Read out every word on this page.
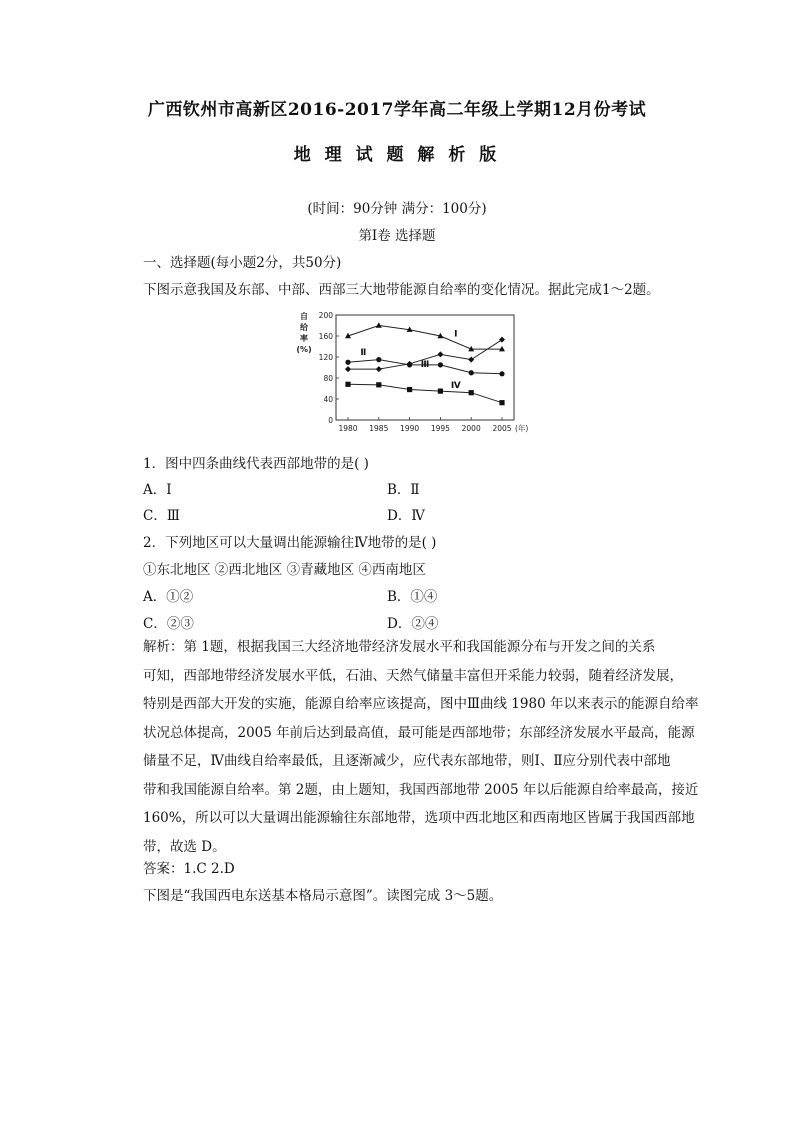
广西钦州市高新区2016-2017学年高二年级上学期12月份考试
地 理 试 题 解 析 版
(时间：90分钟 满分：100分)
第Ⅰ卷 选择题
一、选择题(每小题2分，共50分)
下图示意我国及东部、中部、西部三大地带能源自给率的变化情况。据此完成1～2题。
0
40
80
120
160
200
1980 1985 1990 1995 2000 2005 (年)
自
给
率
(%)
Ⅰ
Ⅱ
Ⅲ
Ⅳ
1．图中四条曲线代表西部地带的是( )
A．Ⅰ	B．Ⅱ
C．Ⅲ	D．Ⅳ
2．下列地区可以大量调出能源输往Ⅳ地带的是( )
①东北地区 ②西北地区 ③青藏地区 ④西南地区
A．①②	B．①④
C．②③	D．②④
解析：第 1题，根据我国三大经济地带经济发展水平和我国能源分布与开发之间的关系
可知，西部地带经济发展水平低，石油、天然气储量丰富但开采能力较弱，随着经济发展，
特别是西部大开发的实施，能源自给率应该提高，图中Ⅲ曲线 1980 年以来表示的能源自给率
状况总体提高，2005 年前后达到最高值，最可能是西部地带；东部经济发展水平最高，能源
储量不足，Ⅳ曲线自给率最低，且逐渐减少，应代表东部地带，则Ⅰ、Ⅱ应分别代表中部地
带和我国能源自给率。第 2题，由上题知，我国西部地带 2005 年以后能源自给率最高，接近
160%，所以可以大量调出能源输往东部地带，选项中西北地区和西南地区皆属于我国西部地
带，故选 D。
答案：1.C 2.D
下图是“我国西电东送基本格局示意图”。读图完成 3～5题。
